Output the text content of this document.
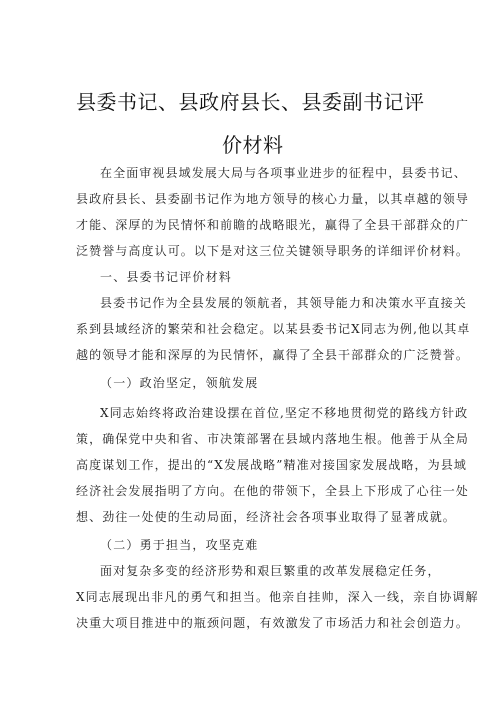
县委书记、县政府县长、县委副书记评
价材料
在全面审视县域发展大局与各项事业进步的征程中，县委书记、
县政府县长、县委副书记作为地方领导的核心力量，以其卓越的领导
才能、深厚的为民情怀和前瞻的战略眼光，赢得了全县干部群众的广
泛赞誉与高度认可。以下是对这三位关键领导职务的详细评价材料。
一、县委书记评价材料
县委书记作为全县发展的领航者，其领导能力和决策水平直接关
系到县域经济的繁荣和社会稳定。以某县委书记X同志为例,他以其卓
越的领导才能和深厚的为民情怀，赢得了全县干部群众的广泛赞誉。
（一）政治坚定，领航发展
X同志始终将政治建设摆在首位,坚定不移地贯彻党的路线方针政
策，确保党中央和省、市决策部署在县域内落地生根。他善于从全局
高度谋划工作，提出的“X发展战略”精准对接国家发展战略，为县域
经济社会发展指明了方向。在他的带领下，全县上下形成了心往一处
想、劲往一处使的生动局面，经济社会各项事业取得了显著成就。
（二）勇于担当，攻坚克难
面对复杂多变的经济形势和艰巨繁重的改革发展稳定任务，
X同志展现出非凡的勇气和担当。他亲自挂帅，深入一线，亲自协调解
决重大项目推进中的瓶颈问题，有效激发了市场活力和社会创造力。
